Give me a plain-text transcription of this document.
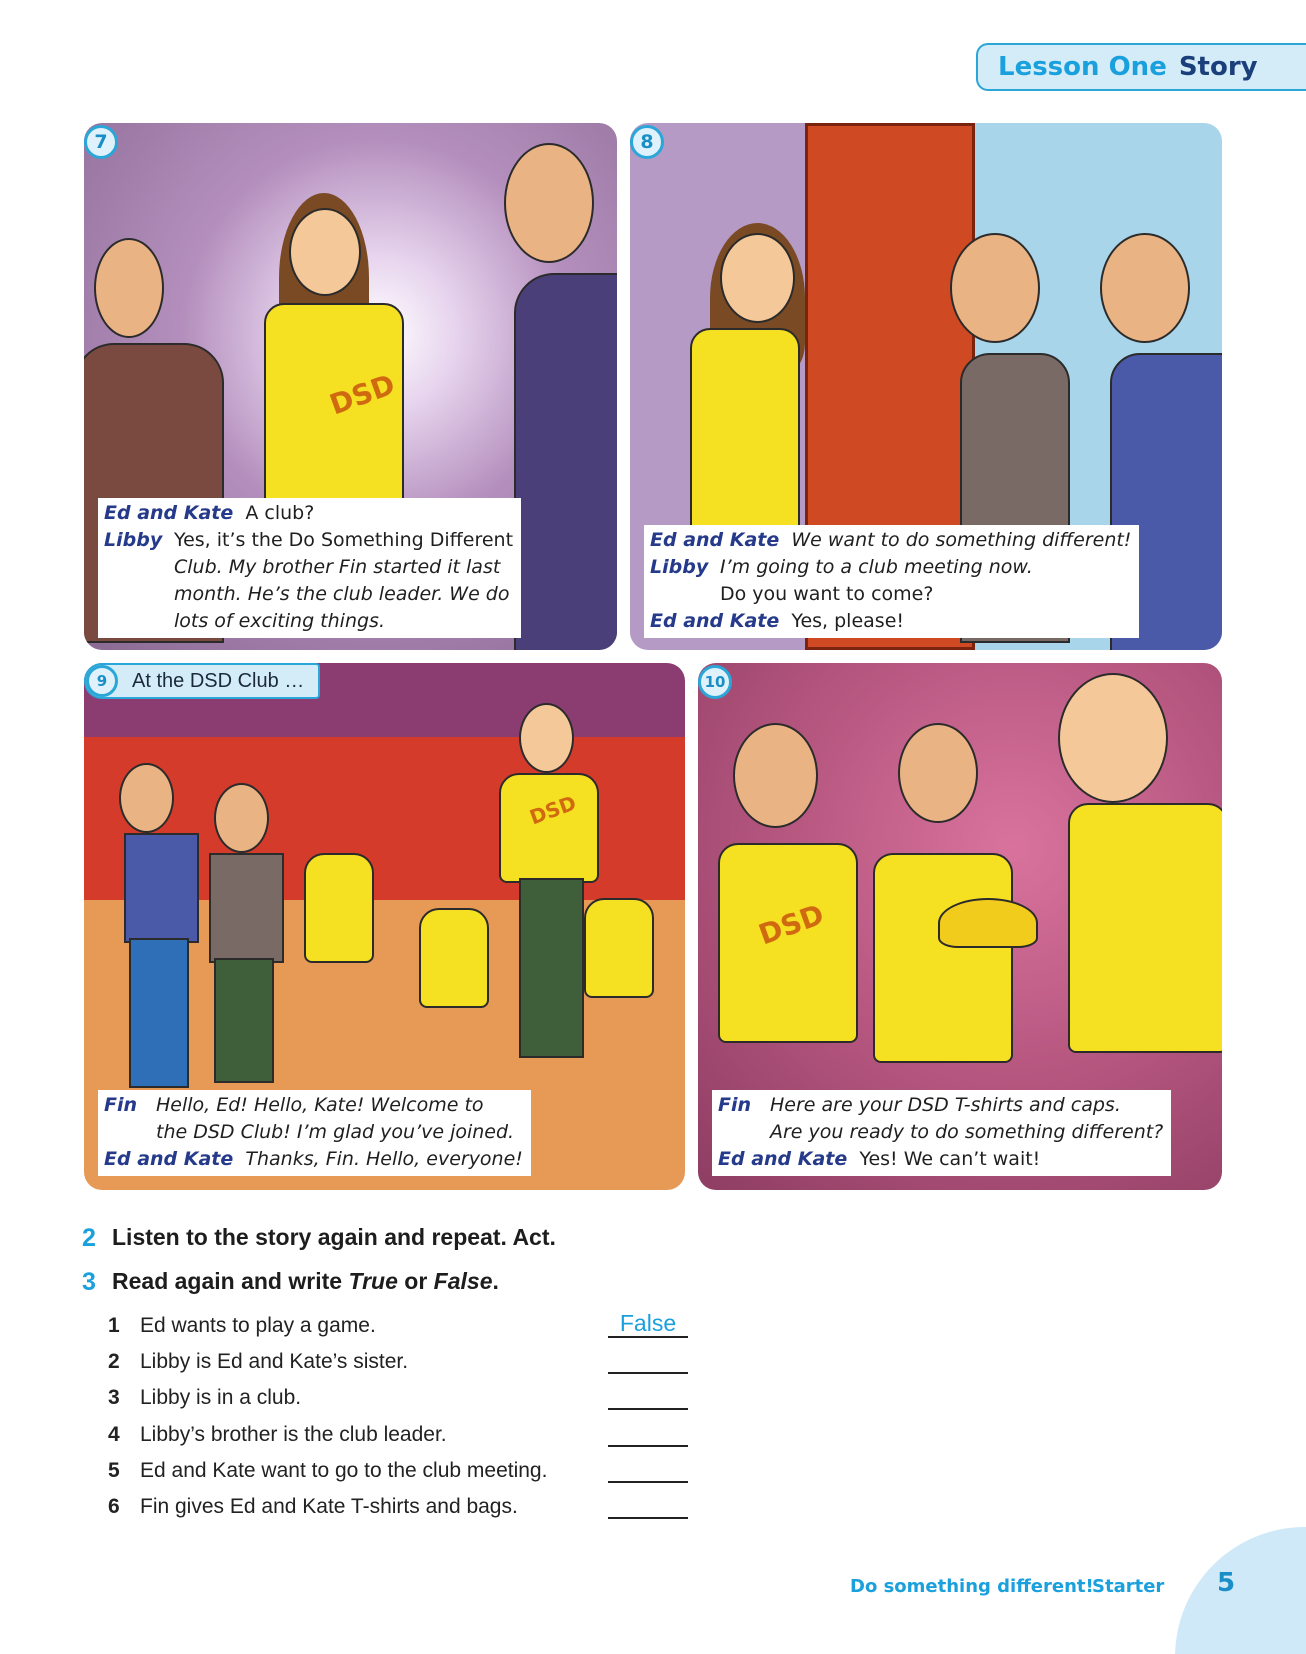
Lesson One Story
DSD
7
Ed and Kate
A club?
Libby Yes, it’s the Do Something Different
Club. My brother Fin started it last
month. He’s the club leader. We do
lots of exciting things.
8
Ed and Kate
We want to do something different!
Libby I’m going to a club meeting now.
Do you want to come?
Ed and Kate
Yes, please!
DSD
At the DSD Club …
9
Fin Hello, Ed! Hello, Kate! Welcome to
the DSD Club! I’m glad you’ve joined.
Ed and Kate
Thanks, Fin. Hello, everyone!
DSD
10
Fin Here are your DSD T-shirts and caps.
Are you ready to do something different?
Ed and Kate
Yes! We can’t wait!
2 Listen to the story again and repeat. Act.
3 Read again and write True or False.
1 Ed wants to play a game.	False
2 Libby is Ed and Kate’s sister.
3 Libby is in a club.
4 Libby’s brother is the club leader.
5 Ed and Kate want to go to the club meeting.
6 Fin gives Ed and Kate T-shirts and bags.
Do something different!
Starter 5
